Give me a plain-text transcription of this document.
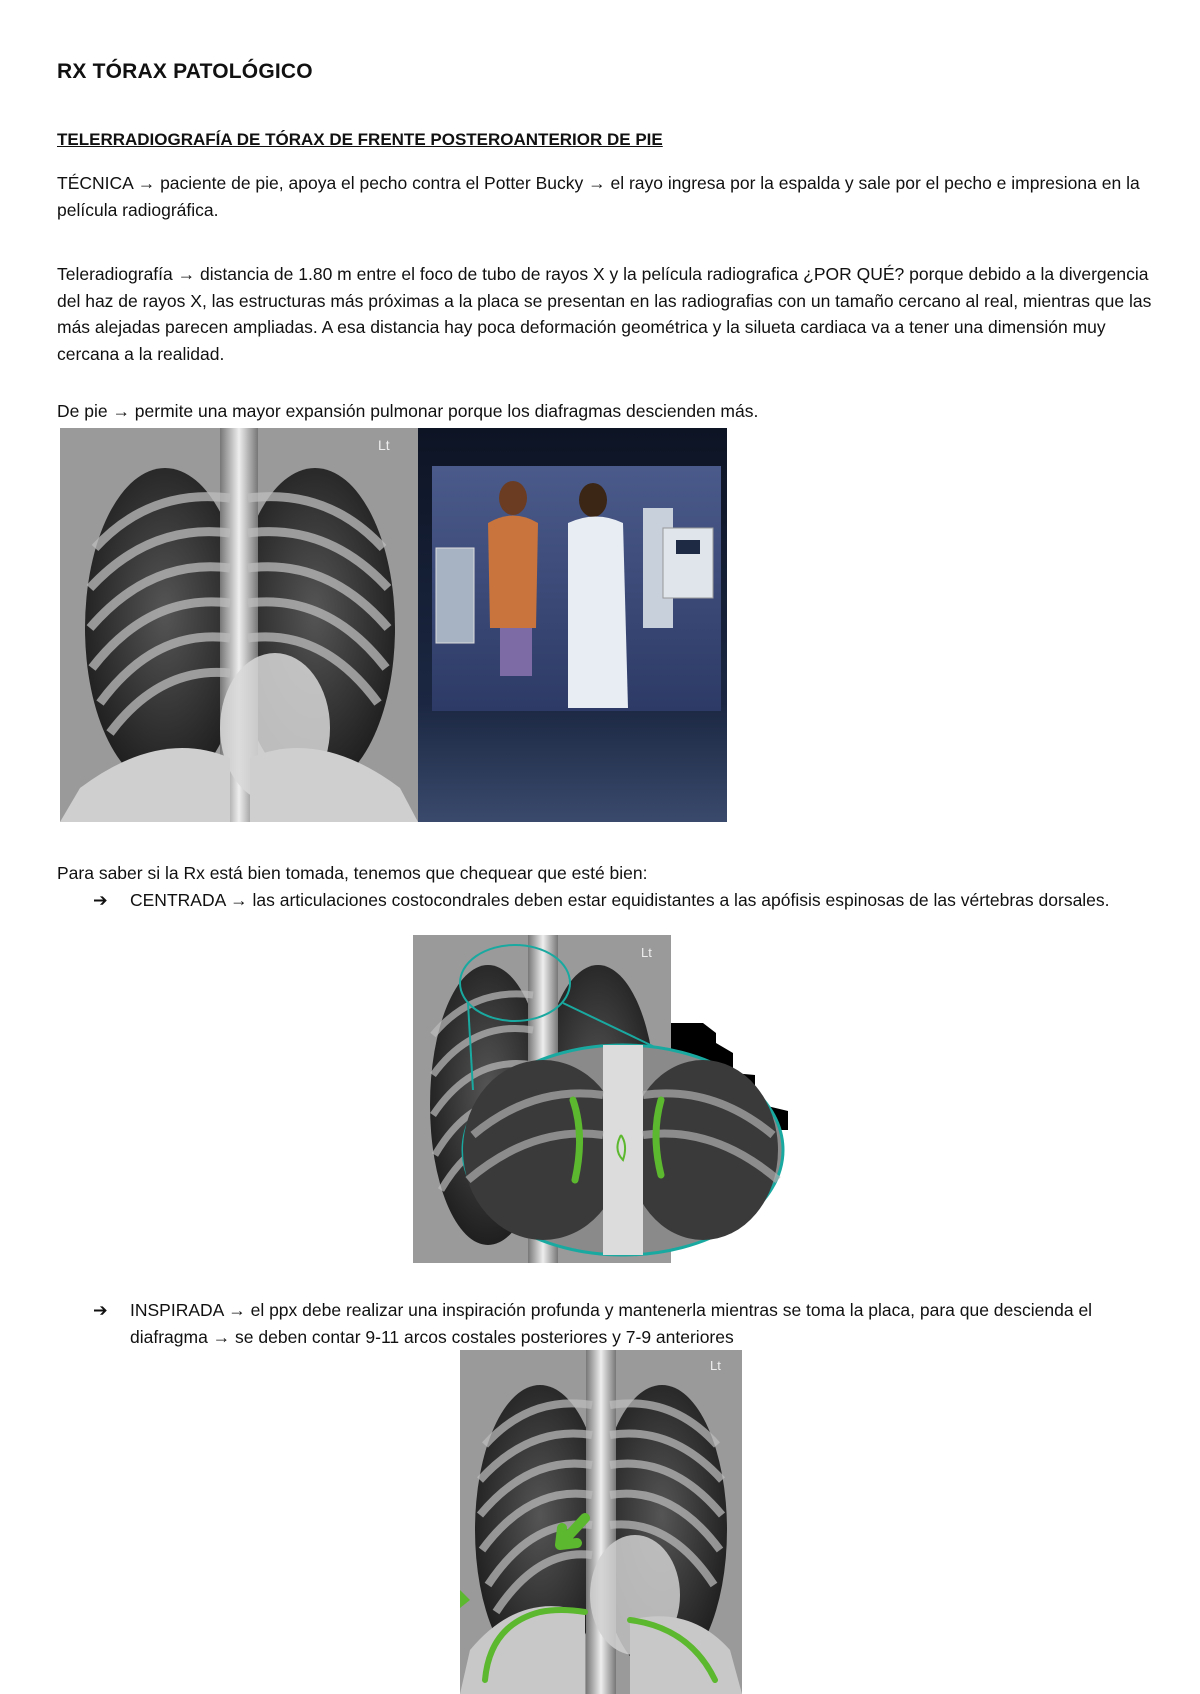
RX TÓRAX PATOLÓGICO
TELERRADIOGRAFÍA DE TÓRAX DE FRENTE POSTEROANTERIOR DE PIE
TÉCNICA → paciente de pie, apoya el pecho contra el Potter Bucky → el rayo ingresa por la espalda y sale por el pecho e impresiona en la película radiográfica.
Teleradiografía → distancia de 1.80 m entre el foco de tubo de rayos X y la película radiografica ¿POR QUÉ? porque debido a la divergencia del haz de rayos X, las estructuras más próximas a la placa se presentan en las radiografias con un tamaño cercano al real, mientras que las más alejadas parecen ampliadas. A esa distancia hay poca deformación geométrica y la silueta cardiaca va a tener una dimensión muy cercana a la realidad.
De pie → permite una mayor expansión pulmonar porque los diafragmas descienden más.
Lt
Para saber si la Rx está bien tomada, tenemos que chequear que esté bien:
➔ CENTRADA → las articulaciones costocondrales deben estar equidistantes a las apófisis espinosas de las vértebras dorsales.
Lt
➔ INSPIRADA → el ppx debe realizar una inspiración profunda y mantenerla mientras se toma la placa, para que descienda el diafragma → se deben contar 9-11 arcos costales posteriores y 7-9 anteriores
Lt
